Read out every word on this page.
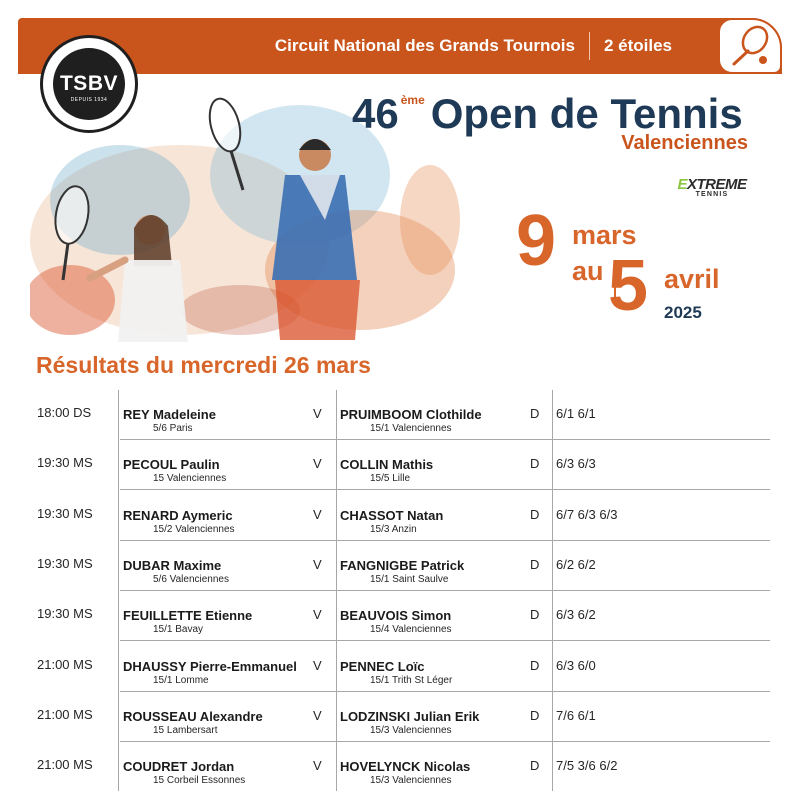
Circuit National des Grands Tournois 2 étoiles
TSBV
DEPUIS 1934	46 $^{ème}$ Open de Tennis
Valenciennes
EXTREME
TENNIS
9 mars
au 5 avril
2025
Résultats du mercredi 26 mars
18:00 DS REY Madeleine
5/6 Paris
V PRUIMBOOM Clothilde
15/1 Valenciennes
D 6/1 6/1
19:30 MS PECOUL Paulin
15 Valenciennes
V COLLIN Mathis
15/5 Lille
D 6/3 6/3
19:30 MS RENARD Aymeric
15/2 Valenciennes
V CHASSOT Natan
15/3 Anzin
D 6/7 6/3 6/3
19:30 MS DUBAR Maxime
5/6 Valenciennes
V FANGNIGBE Patrick
15/1 Saint Saulve
D 6/2 6/2
19:30 MS FEUILLETTE Etienne
15/1 Bavay
V BEAUVOIS Simon
15/4 Valenciennes
D 6/3 6/2
21:00 MS DHAUSSY Pierre-Emmanuel
15/1 Lomme
V PENNEC Loïc
15/1 Trith St Léger
D 6/3 6/0
21:00 MS ROUSSEAU Alexandre
15 Lambersart
V LODZINSKI Julian Erik
15/3 Valenciennes
D 7/6 6/1
21:00 MS COUDRET Jordan
15 Corbeil Essonnes
V HOVELYNCK Nicolas
15/3 Valenciennes
D 7/5 3/6 6/2
